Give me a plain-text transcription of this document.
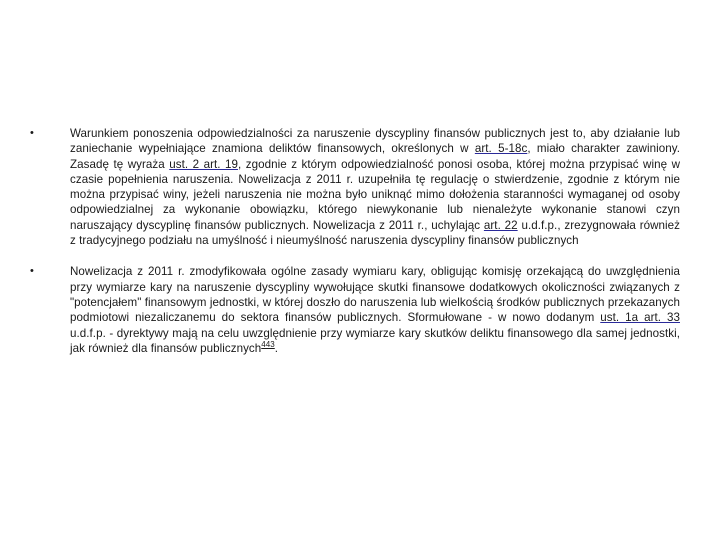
•	Warunkiem ponoszenia odpowiedzialności za naruszenie dyscypliny finansów publicznych jest to, aby działanie lub zaniechanie wypełniające znamiona deliktów finansowych, określonych w art. 5-18c, miało charakter zawiniony. Zasadę tę wyraża ust. 2 art. 19, zgodnie z którym odpowiedzialność ponosi osoba, której można przypisać winę w czasie popełnienia naruszenia. Nowelizacja z 2011 r. uzupełniła tę regulację o stwierdzenie, zgodnie z którym nie można przypisać winy, jeżeli naruszenia nie można było uniknąć mimo dołożenia staranności wymaganej od osoby odpowiedzialnej za wykonanie obowiązku, którego niewykonanie lub nienależyte wykonanie stanowi czyn naruszający dyscyplinę finansów publicznych. Nowelizacja z 2011 r., uchylając art. 22 u.d.f.p., zrezygnowała również z tradycyjnego podziału na umyślność i nieumyślność naruszenia dyscypliny finansów publicznych
•	Nowelizacja z 2011 r. zmodyfikowała ogólne zasady wymiaru kary, obligując komisję orzekającą do uwzględnienia przy wymiarze kary na naruszenie dyscypliny wywołujące skutki finansowe dodatkowych okoliczności związanych z "potencjałem" finansowym jednostki, w której doszło do naruszenia lub wielkością środków publicznych przekazanych podmiotowi niezaliczanemu do sektora finansów publicznych. Sformułowane - w nowo dodanym ust. 1a art. 33 u.d.f.p. - dyrektywy mają na celu uwzględnienie przy wymiarze kary skutków deliktu finansowego dla samej jednostki, jak również dla finansów publicznych$^{443}$.
